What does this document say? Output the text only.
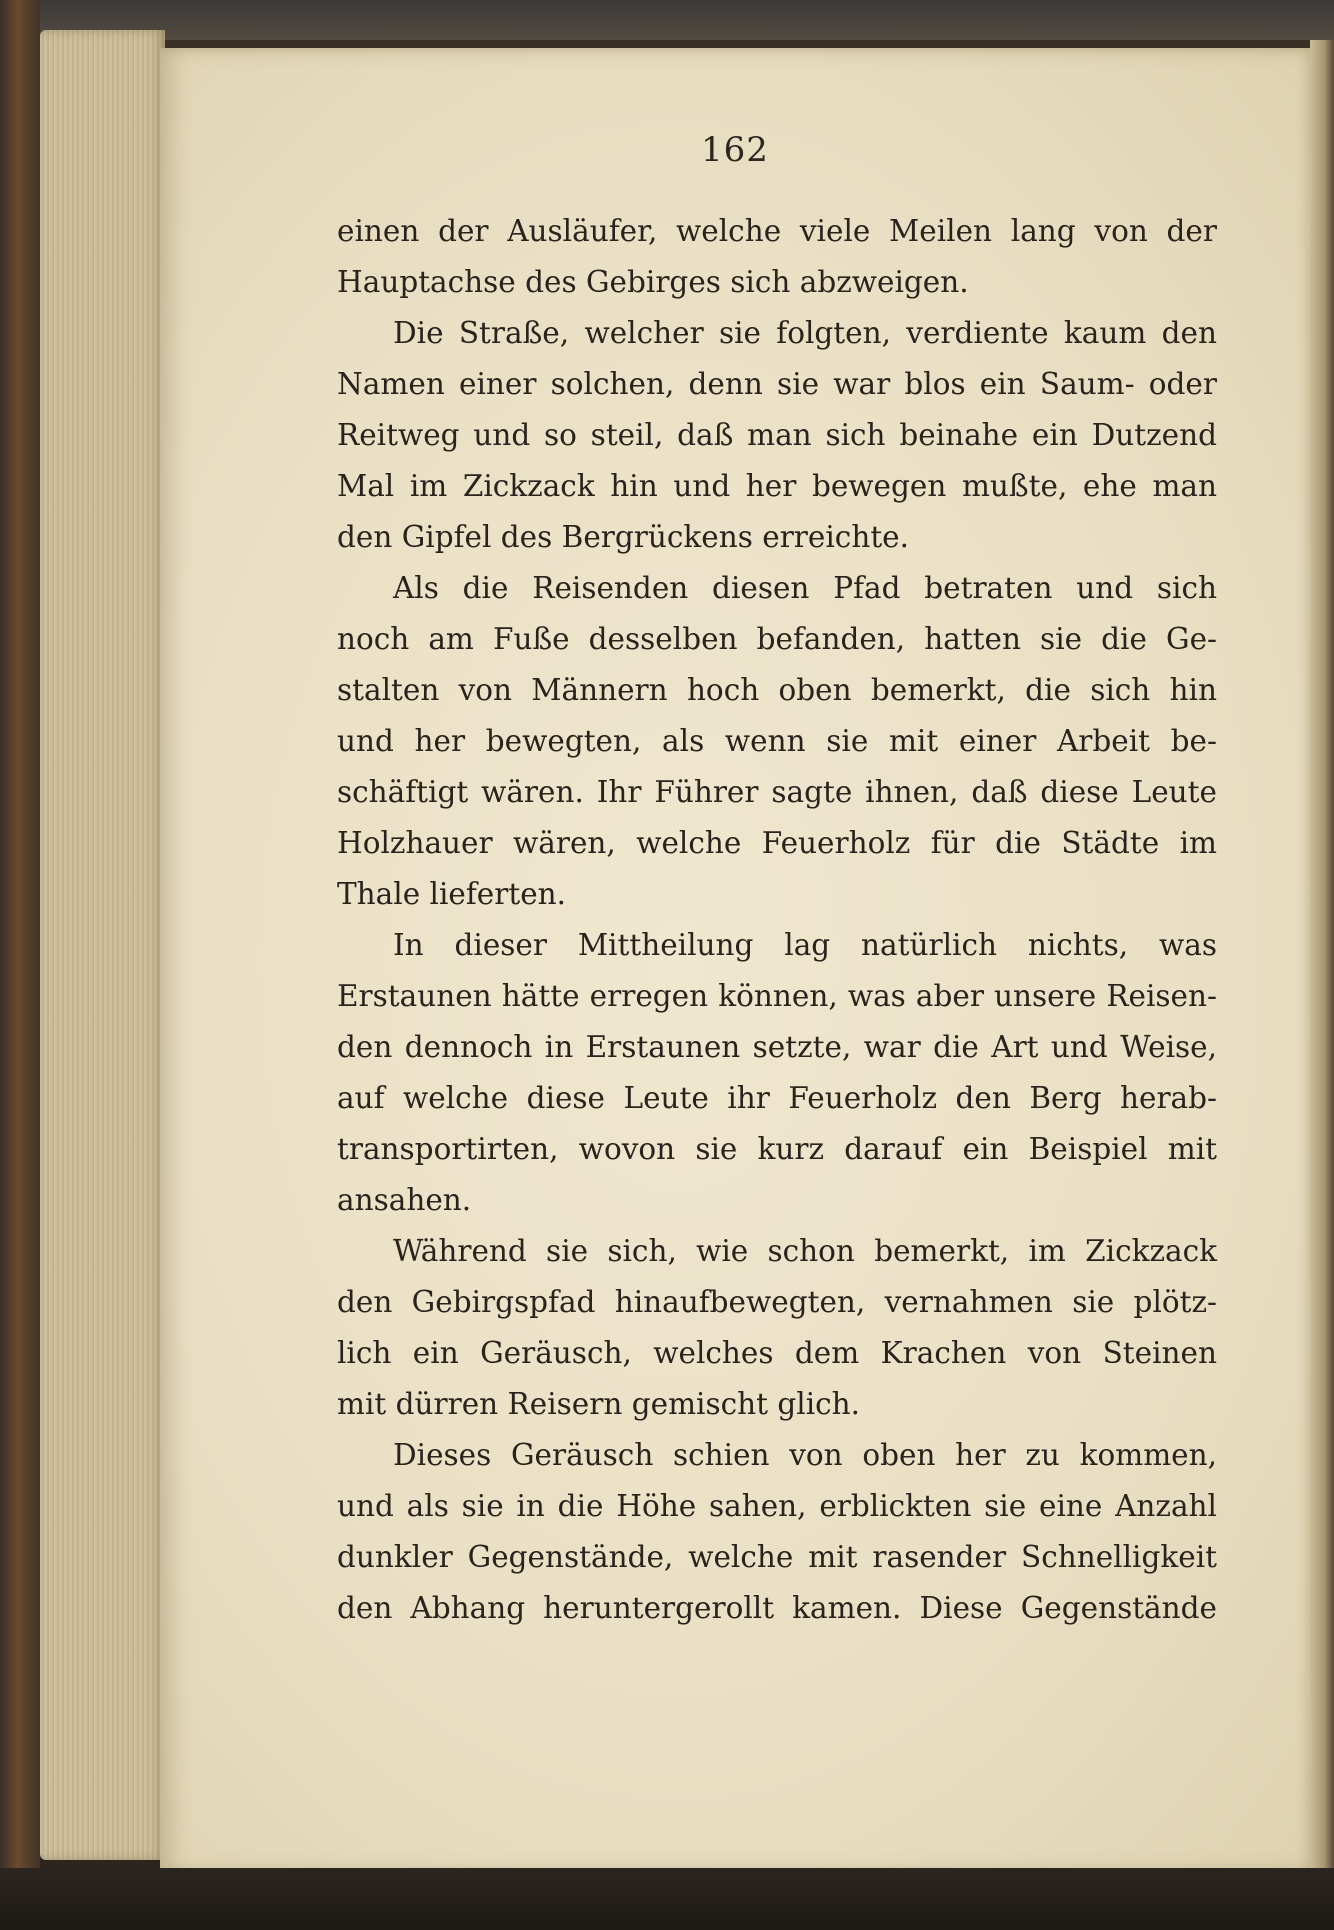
162
einen der Ausläufer, welche viele Meilen lang von der
Hauptachse des Gebirges sich abzweigen.
Die Straße, welcher sie folgten, verdiente kaum den
Namen einer solchen, denn sie war blos ein Saum- oder
Reitweg und so steil, daß man sich beinahe ein Dutzend
Mal im Zickzack hin und her bewegen mußte, ehe man
den Gipfel des Bergrückens erreichte.
Als die Reisenden diesen Pfad betraten und sich
noch am Fuße desselben befanden, hatten sie die Ge-
stalten von Männern hoch oben bemerkt, die sich hin
und her bewegten, als wenn sie mit einer Arbeit be-
schäftigt wären. Ihr Führer sagte ihnen, daß diese Leute
Holzhauer wären, welche Feuerholz für die Städte im
Thale lieferten.
In dieser Mittheilung lag natürlich nichts, was
Erstaunen hätte erregen können, was aber unsere Reisen-
den dennoch in Erstaunen setzte, war die Art und Weise,
auf welche diese Leute ihr Feuerholz den Berg herab-
transportirten, wovon sie kurz darauf ein Beispiel mit
ansahen.
Während sie sich, wie schon bemerkt, im Zickzack
den Gebirgspfad hinaufbewegten, vernahmen sie plötz-
lich ein Geräusch, welches dem Krachen von Steinen
mit dürren Reisern gemischt glich.
Dieses Geräusch schien von oben her zu kommen,
und als sie in die Höhe sahen, erblickten sie eine Anzahl
dunkler Gegenstände, welche mit rasender Schnelligkeit
den Abhang heruntergerollt kamen. Diese Gegenstände
